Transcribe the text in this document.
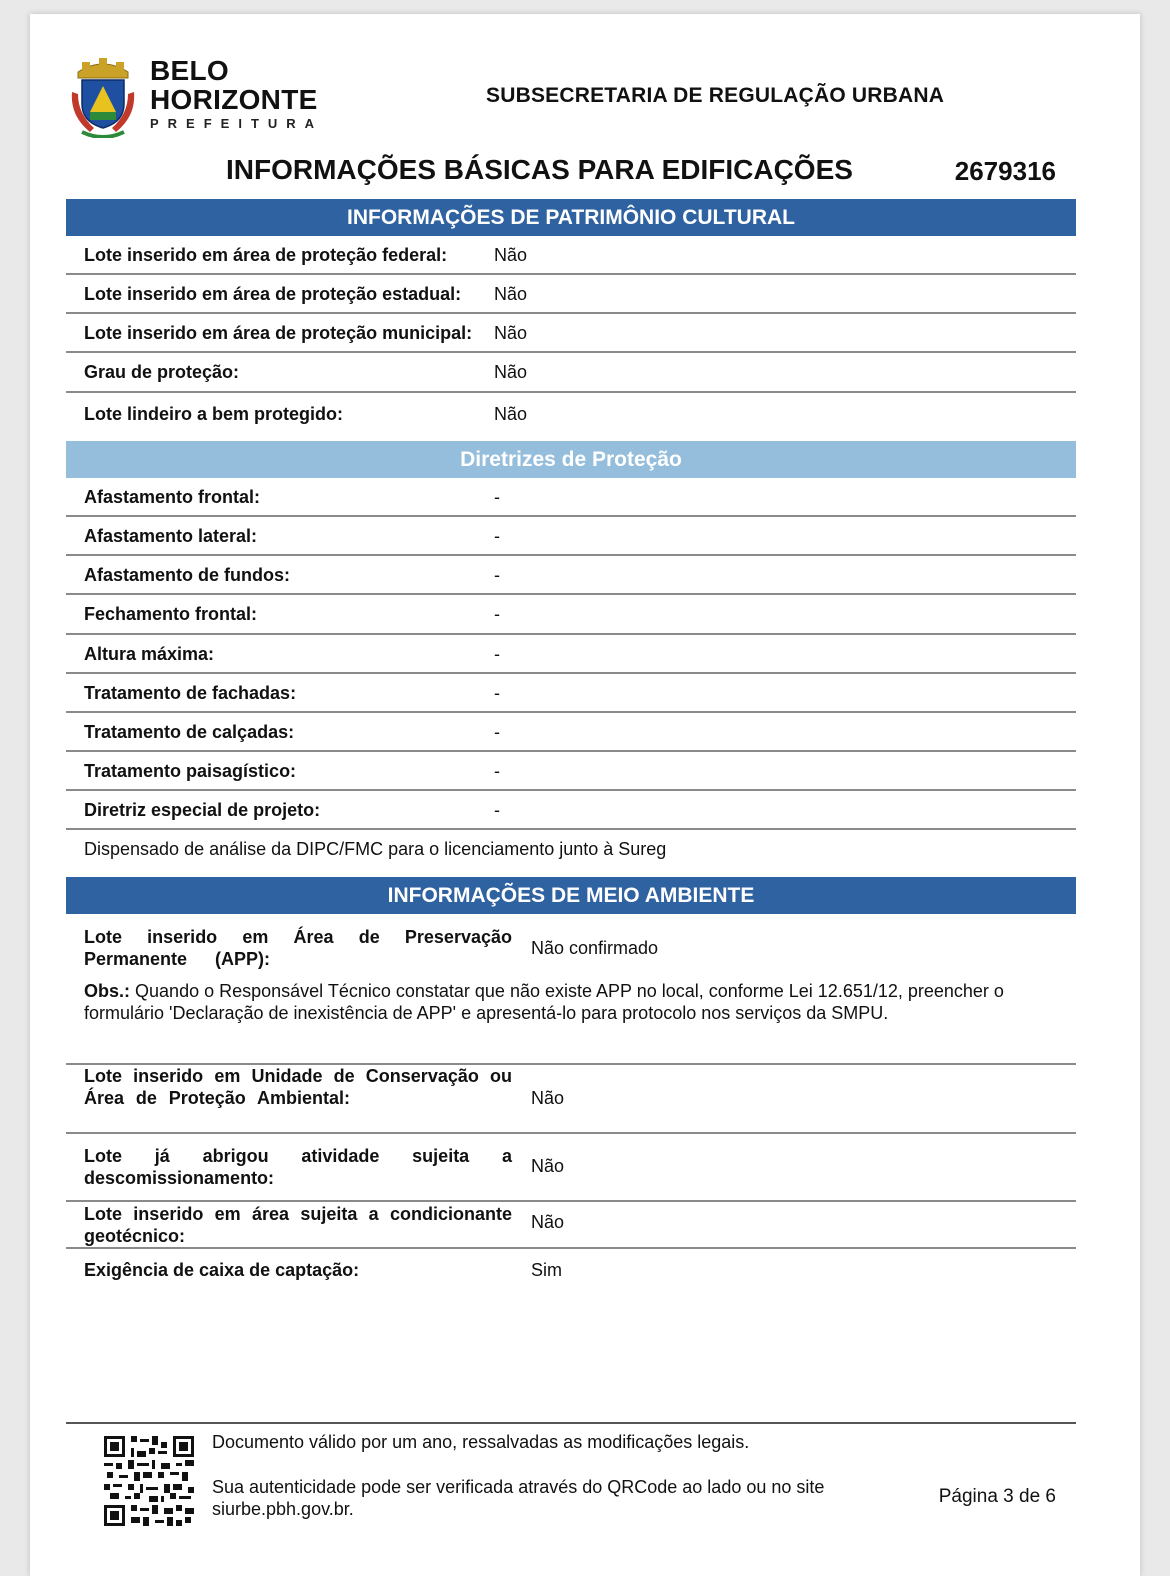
BELO
HORIZONTE
PREFEITURA
SUBSECRETARIA DE REGULAÇÃO URBANA
INFORMAÇÕES BÁSICAS PARA EDIFICAÇÕES	2679316
INFORMAÇÕES DE PATRIMÔNIO CULTURAL
Lote inserido em área de proteção federal:	Não
Lote inserido em área de proteção estadual: Não
Lote inserido em área de proteção municipal: Não
Grau de proteção:	Não
Lote lindeiro a bem protegido:	Não
Diretrizes de Proteção
Afastamento frontal:	-
Afastamento lateral:	-
Afastamento de fundos:	-
Fechamento frontal:	-
Altura máxima:	-
Tratamento de fachadas:	-
Tratamento de calçadas:	-
Tratamento paisagístico:	-
Diretriz especial de projeto:	-
Dispensado de análise da DIPC/FMC para o licenciamento junto à Sureg
INFORMAÇÕES DE MEIO AMBIENTE
Lote inserido em Área de Preservação
Permanente (APP):
Não confirmado
Obs.: Quando o Responsável Técnico constatar que não existe APP no local, conforme Lei 12.651/12, preencher o formulário 'Declaração de inexistência de APP' e apresentá-lo para protocolo nos serviços da SMPU.
Lote inserido em Unidade de Conservação ou
Área de Proteção Ambiental:	Não
Lote já abrigou atividade sujeita a
descomissionamento:
Não
Lote inserido em área sujeita a condicionante
geotécnico:
Não
Exigência de caixa de captação:	Sim
Documento válido por um ano, ressalvadas as modificações legais.
Sua autenticidade pode ser verificada através do QRCode ao lado ou no site siurbe.pbh.gov.br.
Página 3 de 6
